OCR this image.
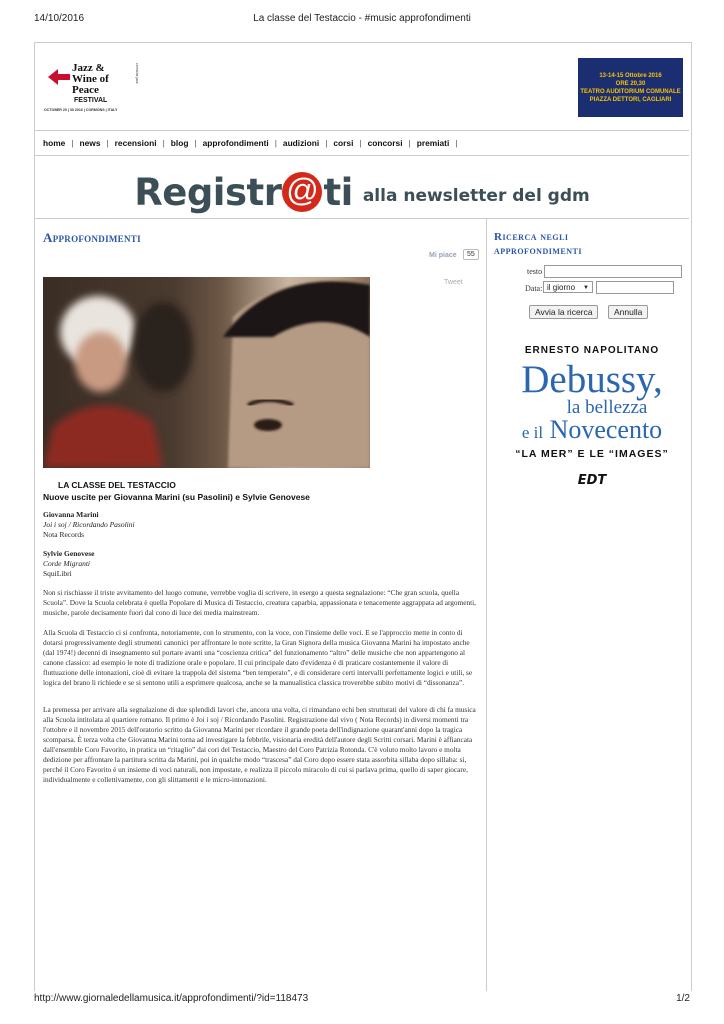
14/10/2016	La classe del Testaccio - #music approfondimenti
Jazz &
Wine of
Peace
FESTIVAL
OCTOBER 20 | 30 2016 | CORMÒNS | ITALY
cormòns jazz	13-14-15 Ottobre 2016
ORE 20,30
TEATRO AUDITORIUM COMUNALE
PIAZZA DETTORI, CAGLIARI
home | news | recensioni | blog | approfondimenti | audizioni | corsi | concorsi | premiati |
Registr @ ti alla newsletter del gdm
Approfondimenti
Mi piace	55
Tweet
LA CLASSE DEL TESTACCIO
Nuove uscite per Giovanna Marini (su Pasolini) e Sylvie Genovese
Giovanna Marini
Joi i soj / Ricordando Pasolini
Nota Records
Sylvie Genovese
Corde Migranti
SquiLibri

Non si rischiasse il triste avvitamento del luogo comune, verrebbe voglia di scrivere, in esergo a questa segnalazione: “Che gran scuola, quella Scuola”. Dove la Scuola celebrata è quella Popolare di Musica di Testaccio, creatura caparbia, appassionata e tenacemente aggrappata ad argomenti, musiche, parole decisamente fuori dal cono di luce dei media mainstream.

Alla Scuola di Testaccio ci si confronta, notoriamente, con lo strumento, con la voce, con l'insieme delle voci. E se l'approccio mette in conto di dotarsi progressivamente degli strumenti canonici per affrontare le note scritte, la Gran Signora della musica Giovanna Marini ha impostato anche (dal 1974!) decenni di insegnamento sul portare avanti una “coscienza critica” del funzionamento “altro” delle musiche che non appartengono al canone classico: ad esempio le note di tradizione orale e popolare. Il cui principale dato d'evidenza è di praticare costantemente il valore di fluttuazione delle intonazioni, cioè di evitare la trappola del sistema “ben temperato”, e di considerare certi intervalli perfettamente logici e utili, se logica del brano li richiede e se si sentono utili a esprimere qualcosa, anche se la manualistica classica troverebbe subito motivi di “dissonanza”.

La premessa per arrivare alla segnalazione di due splendidi lavori che, ancora una volta, ci rimandano echi ben strutturati del valore di chi fa musica alla Scuola intitolata al quartiere romano. Il primo è Joi i soj / Ricordando Pasolini. Registrazione dal vivo ( Nota Records) in diversi momenti tra l'ottobre e il novembre 2015 dell'oratorio scritto da Giovanna Marini per ricordare il grande poeta dell'indignazione quarant'anni dopo la tragica scomparsa. È terza volta che Giovanna Marini torna ad investigare la febbrile, visionaria eredità dell'autore degli Scritti corsari. Marini è affiancata dall'ensemble Coro Favorito, in pratica un “ritaglio” dai cori del Testaccio, Maestro del Coro Patrizia Rotonda. C'è voluto molto lavoro e molta dedizione per affrontare la partitura scritta da Marini, poi in qualche modo “trascesa” dal Coro dopo essere stata assorbita sillaba dopo sillaba: sì, perché il Coro Favorito è un insieme di voci naturali, non impostate, e realizza il piccolo miracolo di cui si parlava prima, quello di saper giocare, individualmente e collettivamente, con gli slittamenti e le micro-intonazioni.

Ricerca negli
approfondimenti
testo
Data: il giorno ▼
Avvia la ricerca	Annulla
ERNESTO NAPOLITANO
Debussy,
la bellezza
e il Novecento
“LA MER” E LE “IMAGES”
EDT
http://www.giornaledellamusica.it/approfondimenti/?id=118473	1/2
